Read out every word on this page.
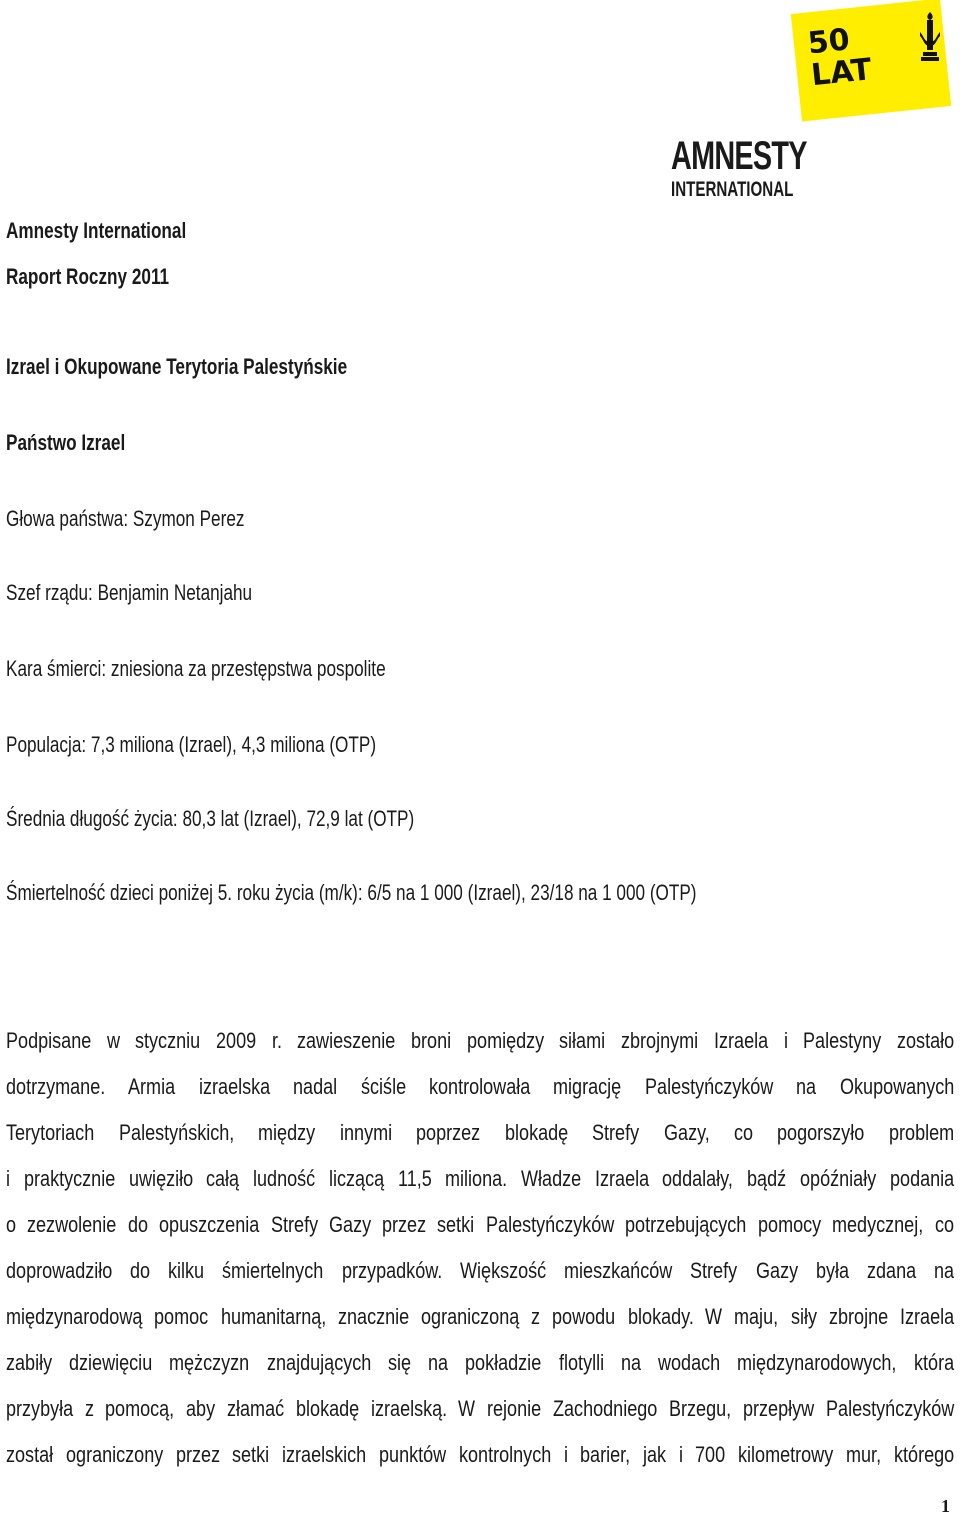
50
LAT
AMNESTY
INTERNATIONAL
Amnesty International
Raport Roczny 2011
Izrael i Okupowane Terytoria Palestyńskie
Państwo Izrael
Głowa państwa: Szymon Perez
Szef rządu: Benjamin Netanjahu
Kara śmierci: zniesiona za przestępstwa pospolite
Populacja: 7,3 miliona (Izrael), 4,3 miliona (OTP)
Średnia długość życia: 80,3 lat (Izrael), 72,9 lat (OTP)
Śmiertelność dzieci poniżej 5. roku życia (m/k): 6/5 na 1 000 (Izrael), 23/18 na 1 000 (OTP)
Podpisane w styczniu 2009 r. zawieszenie broni pomiędzy siłami zbrojnymi Izraela i Palestyny zostało
dotrzymane. Armia izraelska nadal ściśle kontrolowała migrację Palestyńczyków na Okupowanych
Terytoriach Palestyńskich, między innymi poprzez blokadę Strefy Gazy, co pogorszyło problem
i praktycznie uwięziło całą ludność liczącą 11,5 miliona. Władze Izraela oddalały, bądź opóźniały podania
o zezwolenie do opuszczenia Strefy Gazy przez setki Palestyńczyków potrzebujących pomocy medycznej, co
doprowadziło do kilku śmiertelnych przypadków. Większość mieszkańców Strefy Gazy była zdana na
międzynarodową pomoc humanitarną, znacznie ograniczoną z powodu blokady. W maju, siły zbrojne Izraela
zabiły dziewięciu mężczyzn znajdujących się na pokładzie flotylli na wodach międzynarodowych, która
przybyła z pomocą, aby złamać blokadę izraelską. W rejonie Zachodniego Brzegu, przepływ Palestyńczyków
został ograniczony przez setki izraelskich punktów kontrolnych i barier, jak i 700 kilometrowy mur, którego
1
